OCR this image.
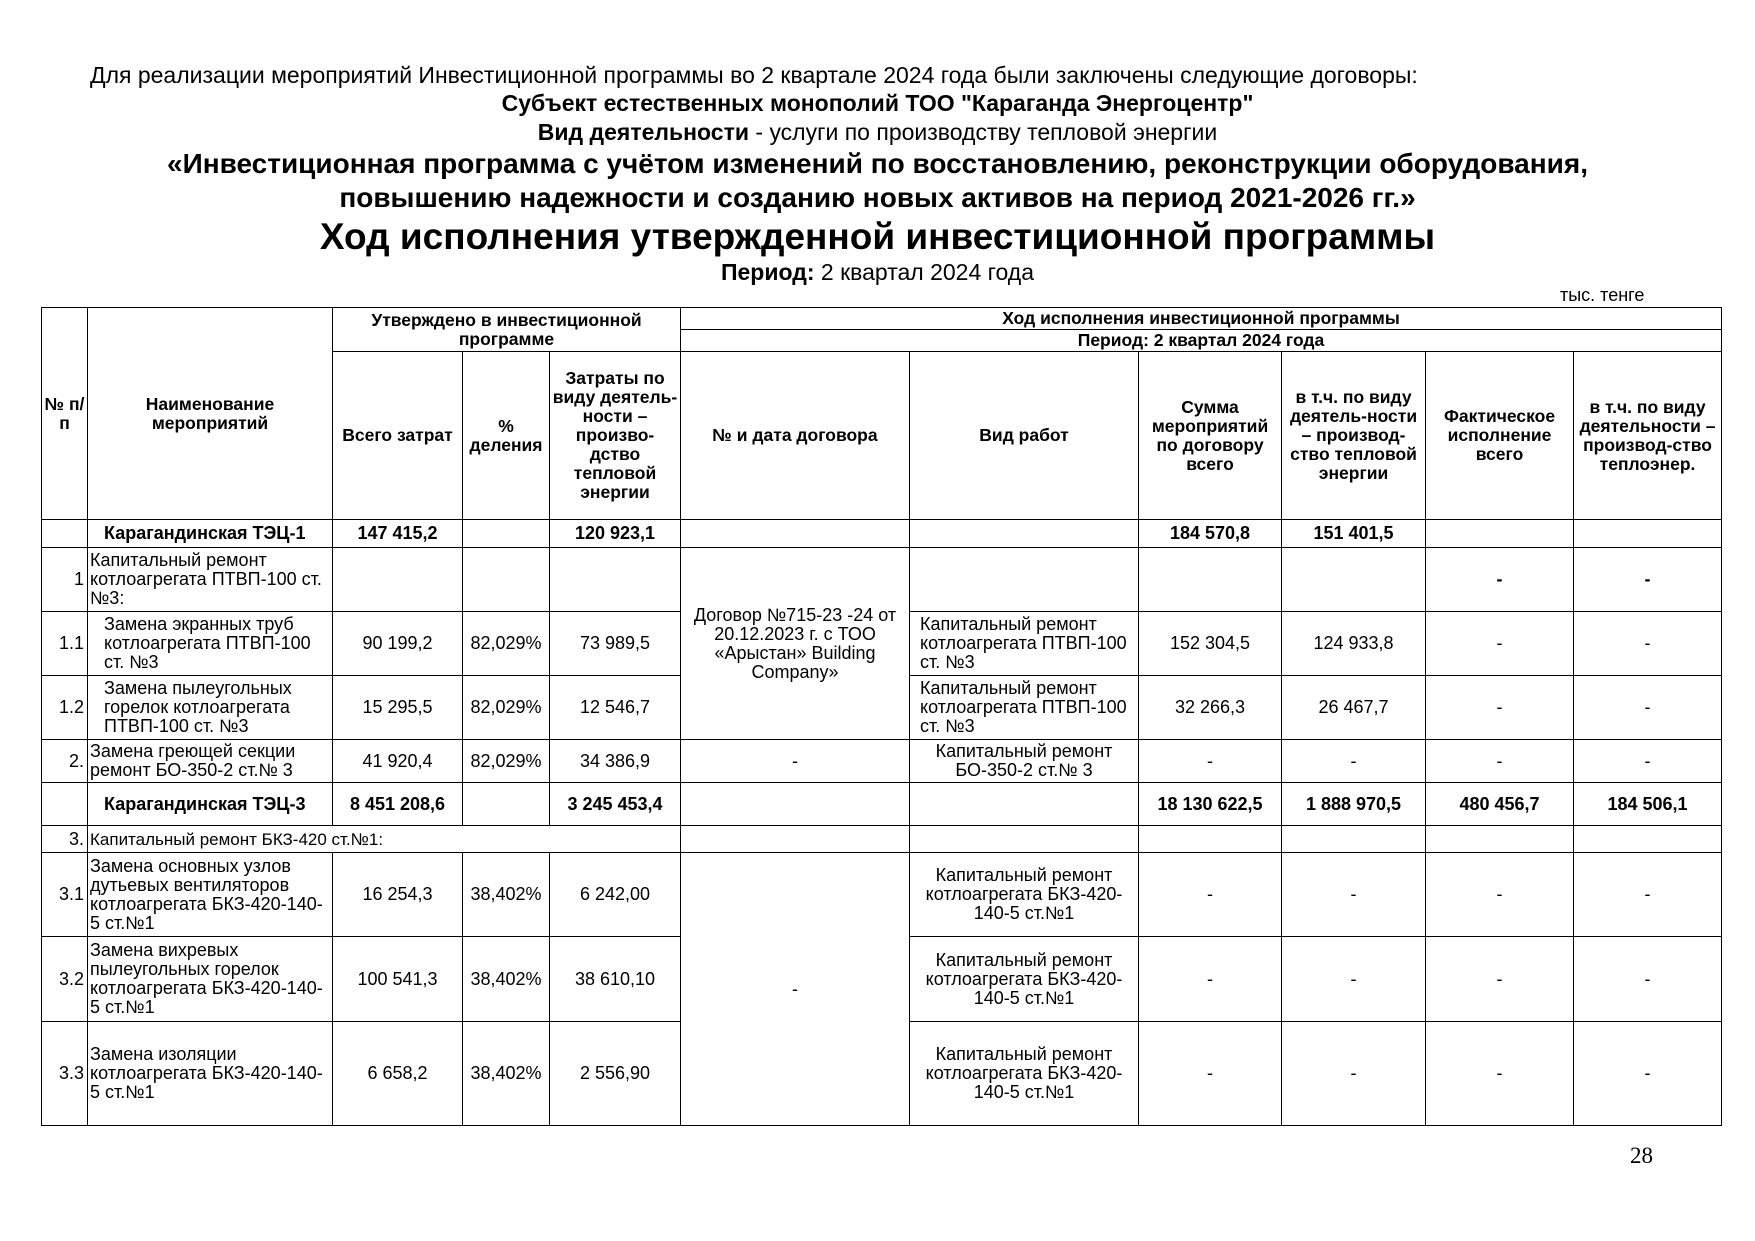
Для реализации мероприятий Инвестиционной программы во 2 квартале 2024 года были заключены следующие договоры:
Субъект естественных монополий ТОО "Караганда Энергоцентр"
Вид деятельности - услуги по производству тепловой энергии
«Инвестиционная программа с учётом изменений по восстановлению, реконструкции оборудования,
повышению надежности и созданию новых активов на период 2021-2026 гг.»
Ход исполнения утвержденной инвестиционной программы
Период: 2 квартал 2024 года
тыс. тенге
№ п/п	Наименование мероприятий	Утверждено в инвестиционной программе			Ход исполнения инвестиционной программы					
					Период: 2 квартал 2024 года					
		Всего затрат	% деления	Затраты по виду деятель-ности – произво-дство тепловой энергии	№ и дата договора	Вид работ	Сумма мероприятий по договору всего	в т.ч. по виду деятель-ности – производ-ство тепловой энергии	Фактическое исполнение всего	в т.ч. по виду деятельности – производ-ство теплоэнер.
	Карагандинская ТЭЦ-1	147 415,2		120 923,1			184 570,8	151 401,5		
1	Капитальный ремонт котлоагрегата ПТВП-100 ст.№3:				Договор №715-23 -24 от 20.12.2023 г. с ТОО «Арыстан» Building Company»				-	-
1.1	Замена экранных труб котлоагрегата ПТВП-100 ст. №3	90 199,2	82,029%	73 989,5		Капитальный ремонт котлоагрегата ПТВП-100 ст. №3	152 304,5	124 933,8	-	-
1.2	Замена пылеугольных горелок котлоагрегата ПТВП-100 ст. №3	15 295,5	82,029%	12 546,7		Капитальный ремонт котлоагрегата ПТВП-100 ст. №3	32 266,3	26 467,7	-	-
2.	Замена греющей секции ремонт БО-350-2 ст.№ 3	41 920,4	82,029%	34 386,9	-	Капитальный ремонт БО-350-2 ст.№ 3	-	-	-	-
	Карагандинская ТЭЦ-3	8 451 208,6		3 245 453,4			18 130 622,5	1 888 970,5	480 456,7	184 506,1
3.	Капитальный ремонт БКЗ-420 ст.№1:									
3.1	Замена основных узлов дутьевых вентиляторов котлоагрегата БКЗ-420-140-5 ст.№1	16 254,3	38,402%	6 242,00	-	Капитальный ремонт котлоагрегата БКЗ-420-140-5 ст.№1	-	-	-	-
3.2	Замена вихревых пылеугольных горелок котлоагрегата БКЗ-420-140-5 ст.№1	100 541,3	38,402%	38 610,10		Капитальный ремонт котлоагрегата БКЗ-420-140-5 ст.№1	-	-	-	-
3.3	Замена изоляции котлоагрегата БКЗ-420-140-5 ст.№1	6 658,2	38,402%	2 556,90		Капитальный ремонт котлоагрегата БКЗ-420-140-5 ст.№1	-	-	-	-
28
